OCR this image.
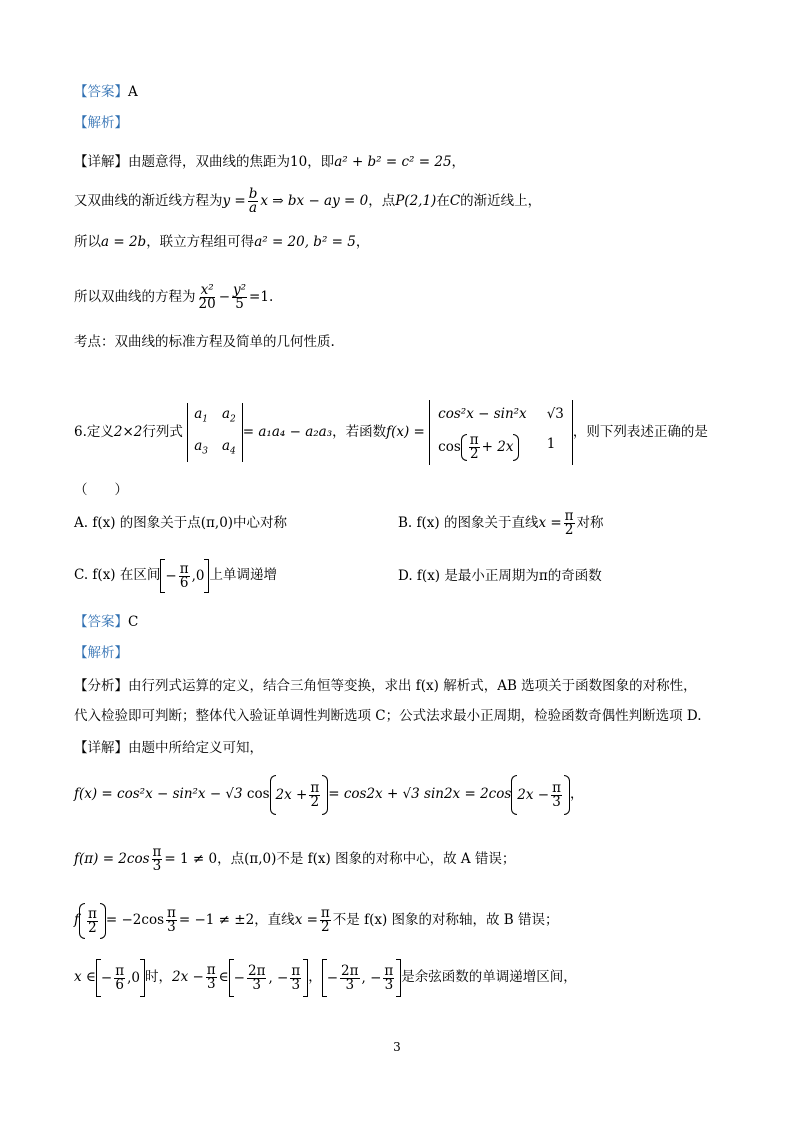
【答案】A
【解析】
【详解】由题意得，双曲线的焦距为10，即a² + b² = c² = 25，
又双曲线的渐近线方程为$y = \frac{b}{a}$ x ⇒ bx − ay = 0，点P(2,1)在C的渐近线上，
所以a = 2b，联立方程组可得a² = 20, b² = 5，
所以双曲线的方程为 $\frac{\text{x²}}{20} - \frac{\text{y²}}{5} =1$.
考点：双曲线的标准方程及简单的几何性质.
6.定义2×2行列式
$a_1$ $a_2$
$a_3$ $a_4$
= a₁a₄ − a₂a₃，若函数f(x) =
cos²x − sin²x √3
$\cos \frac{\pi}{2} + 2x$	1
，则下列表述正确的是
（　　）
A. f(x) 的图象关于点(π,0)中心对称	B. f(x) 的图象关于直线$x = \frac{\pi}{2}$ 对称
C. f(x) 在区间 − $\frac{\pi}{6} ,0$ 上单调递增	D. f(x) 是最小正周期为π的奇函数
【答案】C
【解析】
【分析】由行列式运算的定义，结合三角恒等变换，求出 f(x) 解析式，AB 选项关于函数图象的对称性，
代入检验即可判断；整体代入验证单调性判断选项 C；公式法求最小正周期，检验函数奇偶性判断选项 D.
【详解】由题中所给定义可知，
f(x) = cos²x − sin²x − √3 $\cos 2x + \frac{\pi}{2} = \cos 2x + √3$ sin2x = 2cos $2x - \frac{\pi}{3}$ ，
$f(\pi) = 2\cos \frac{\pi}{3} = 1 \ne 0$，点(π,0)不是 f(x) 图象的对称中心，故 A 错误；
f $\frac{\pi}{2} = -2\cos \frac{\pi}{3} = -1 \ne \pm 2$，直线$x = \frac{\pi}{2}$ 不是 f(x) 图象的对称轴，故 B 错误；
x ∈ − $\frac{\pi}{6} ,0$ 时，$2x - \frac{\pi}{3}$ ∈ − $\frac{2\pi}{3}$ , − $\frac{\pi}{3}$ ， − $\frac{2\pi}{3}$ , − $\frac{\pi}{3}$ 是余弦函数的单调递增区间，
3
